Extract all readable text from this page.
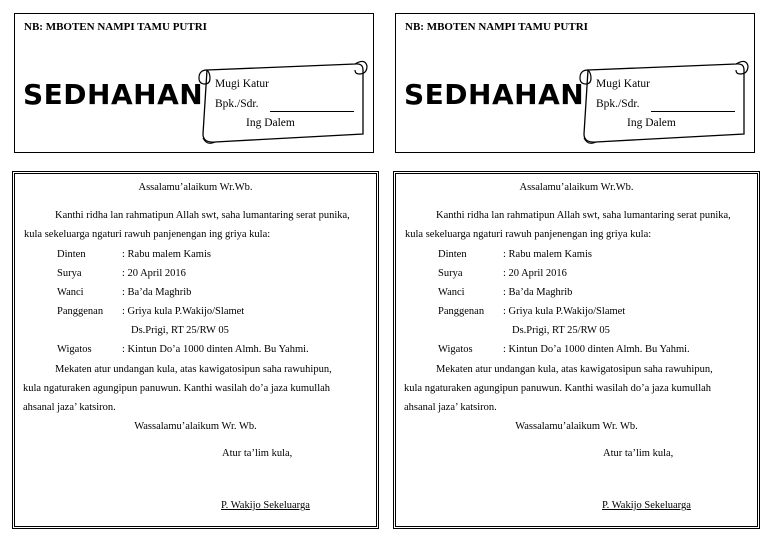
NB: MBOTEN NAMPI TAMU PUTRI
SEDHAHAN Mugi Katur
Bpk./Sdr.
Ing Dalem
NB: MBOTEN NAMPI TAMU PUTRI
SEDHAHAN Mugi Katur
Bpk./Sdr.
Ing Dalem
Assalamu’alaikum Wr.Wb.
Kanthi ridha lan rahmatipun Allah swt, saha lumantaring serat punika,
kula sekeluarga ngaturi rawuh panjenengan ing griya kula:
Dinten	: Rabu malem Kamis
Surya	: 20 April 2016
Wanci	: Ba’da Maghrib
Panggenan : Griya kula P.Wakijo/Slamet
Ds.Prigi, RT 25/RW 05
Wigatos	: Kintun Do’a 1000 dinten Almh. Bu Yahmi.
Mekaten atur undangan kula, atas kawigatosipun saha rawuhipun,
kula ngaturaken agungipun panuwun. Kanthi wasilah do’a jaza kumullah
ahsanal jaza’ katsiron.
Wassalamu’alaikum Wr. Wb.
Atur ta’lim kula,
P. Wakijo Sekeluarga
Assalamu’alaikum Wr.Wb.
Kanthi ridha lan rahmatipun Allah swt, saha lumantaring serat punika,
kula sekeluarga ngaturi rawuh panjenengan ing griya kula:
Dinten	: Rabu malem Kamis
Surya	: 20 April 2016
Wanci	: Ba’da Maghrib
Panggenan : Griya kula P.Wakijo/Slamet
Ds.Prigi, RT 25/RW 05
Wigatos	: Kintun Do’a 1000 dinten Almh. Bu Yahmi.
Mekaten atur undangan kula, atas kawigatosipun saha rawuhipun,
kula ngaturaken agungipun panuwun. Kanthi wasilah do’a jaza kumullah
ahsanal jaza’ katsiron.
Wassalamu’alaikum Wr. Wb.
Atur ta’lim kula,
P. Wakijo Sekeluarga
